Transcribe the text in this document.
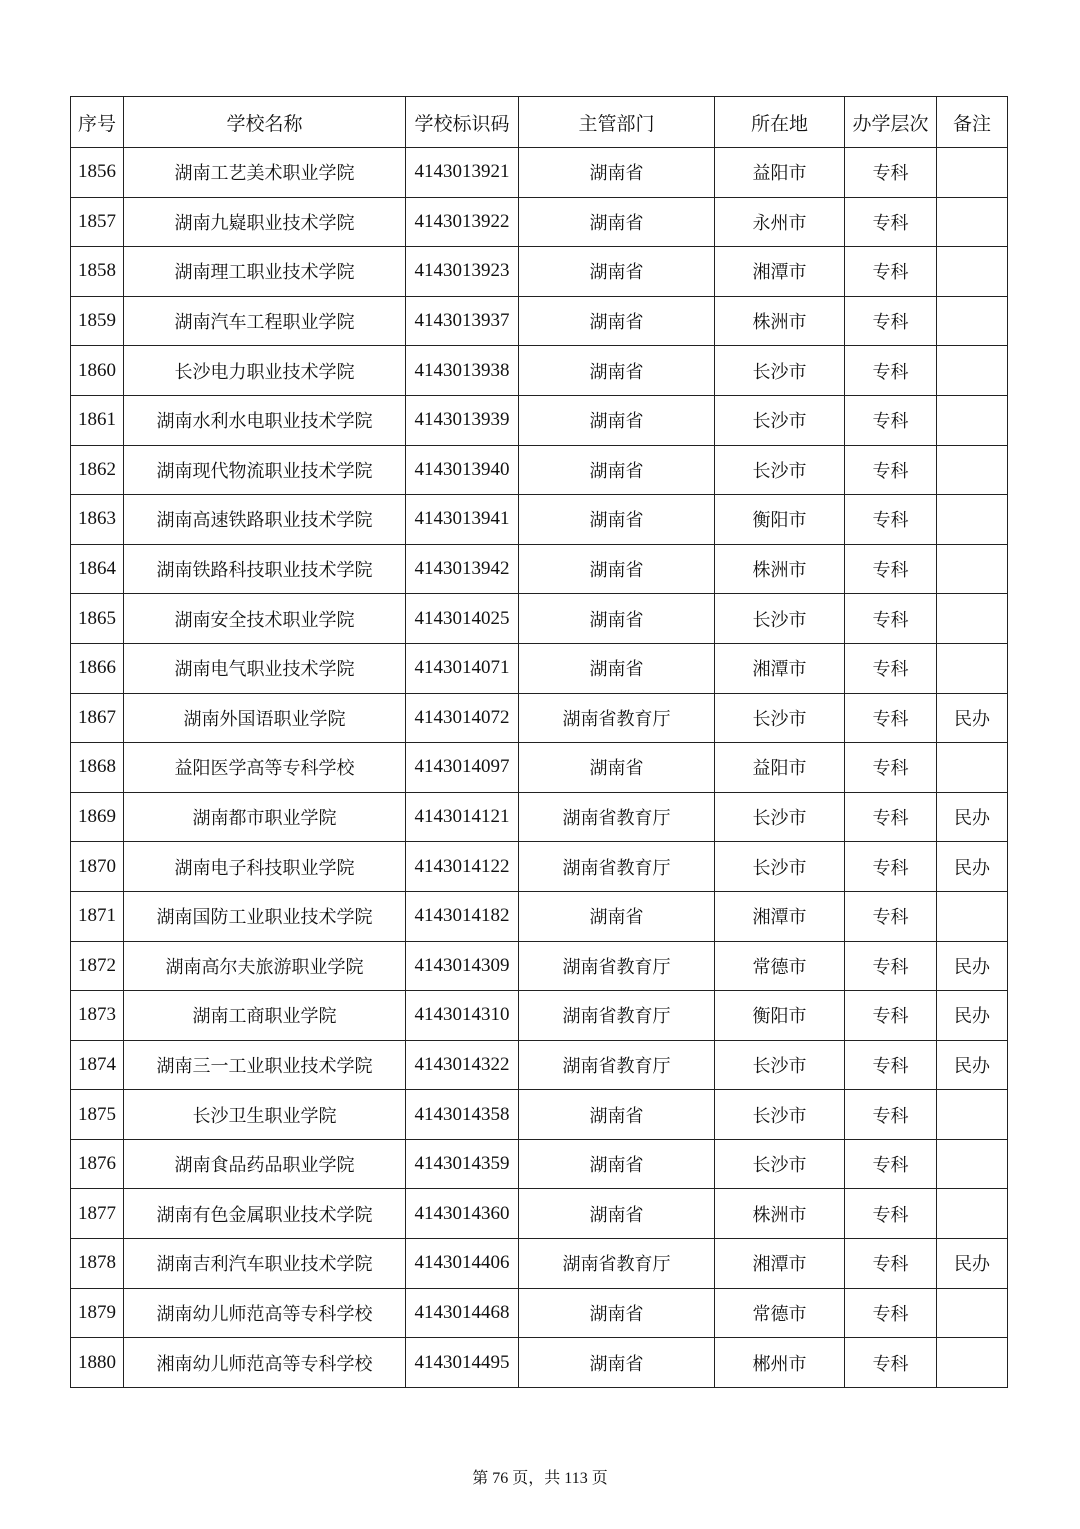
序号	学校名称	学校标识码	主管部门	所在地	办学层次	备注
1856	湖南工艺美术职业学院	4143013921	湖南省	益阳市	专科	
1857	湖南九嶷职业技术学院	4143013922	湖南省	永州市	专科	
1858	湖南理工职业技术学院	4143013923	湖南省	湘潭市	专科	
1859	湖南汽车工程职业学院	4143013937	湖南省	株洲市	专科	
1860	长沙电力职业技术学院	4143013938	湖南省	长沙市	专科	
1861	湖南水利水电职业技术学院	4143013939	湖南省	长沙市	专科	
1862	湖南现代物流职业技术学院	4143013940	湖南省	长沙市	专科	
1863	湖南高速铁路职业技术学院	4143013941	湖南省	衡阳市	专科	
1864	湖南铁路科技职业技术学院	4143013942	湖南省	株洲市	专科	
1865	湖南安全技术职业学院	4143014025	湖南省	长沙市	专科	
1866	湖南电气职业技术学院	4143014071	湖南省	湘潭市	专科	
1867	湖南外国语职业学院	4143014072	湖南省教育厅	长沙市	专科	民办
1868	益阳医学高等专科学校	4143014097	湖南省	益阳市	专科	
1869	湖南都市职业学院	4143014121	湖南省教育厅	长沙市	专科	民办
1870	湖南电子科技职业学院	4143014122	湖南省教育厅	长沙市	专科	民办
1871	湖南国防工业职业技术学院	4143014182	湖南省	湘潭市	专科	
1872	湖南高尔夫旅游职业学院	4143014309	湖南省教育厅	常德市	专科	民办
1873	湖南工商职业学院	4143014310	湖南省教育厅	衡阳市	专科	民办
1874	湖南三一工业职业技术学院	4143014322	湖南省教育厅	长沙市	专科	民办
1875	长沙卫生职业学院	4143014358	湖南省	长沙市	专科	
1876	湖南食品药品职业学院	4143014359	湖南省	长沙市	专科	
1877	湖南有色金属职业技术学院	4143014360	湖南省	株洲市	专科	
1878	湖南吉利汽车职业技术学院	4143014406	湖南省教育厅	湘潭市	专科	民办
1879	湖南幼儿师范高等专科学校	4143014468	湖南省	常德市	专科	
1880	湘南幼儿师范高等专科学校	4143014495	湖南省	郴州市	专科	
第 76 页，共 113 页
